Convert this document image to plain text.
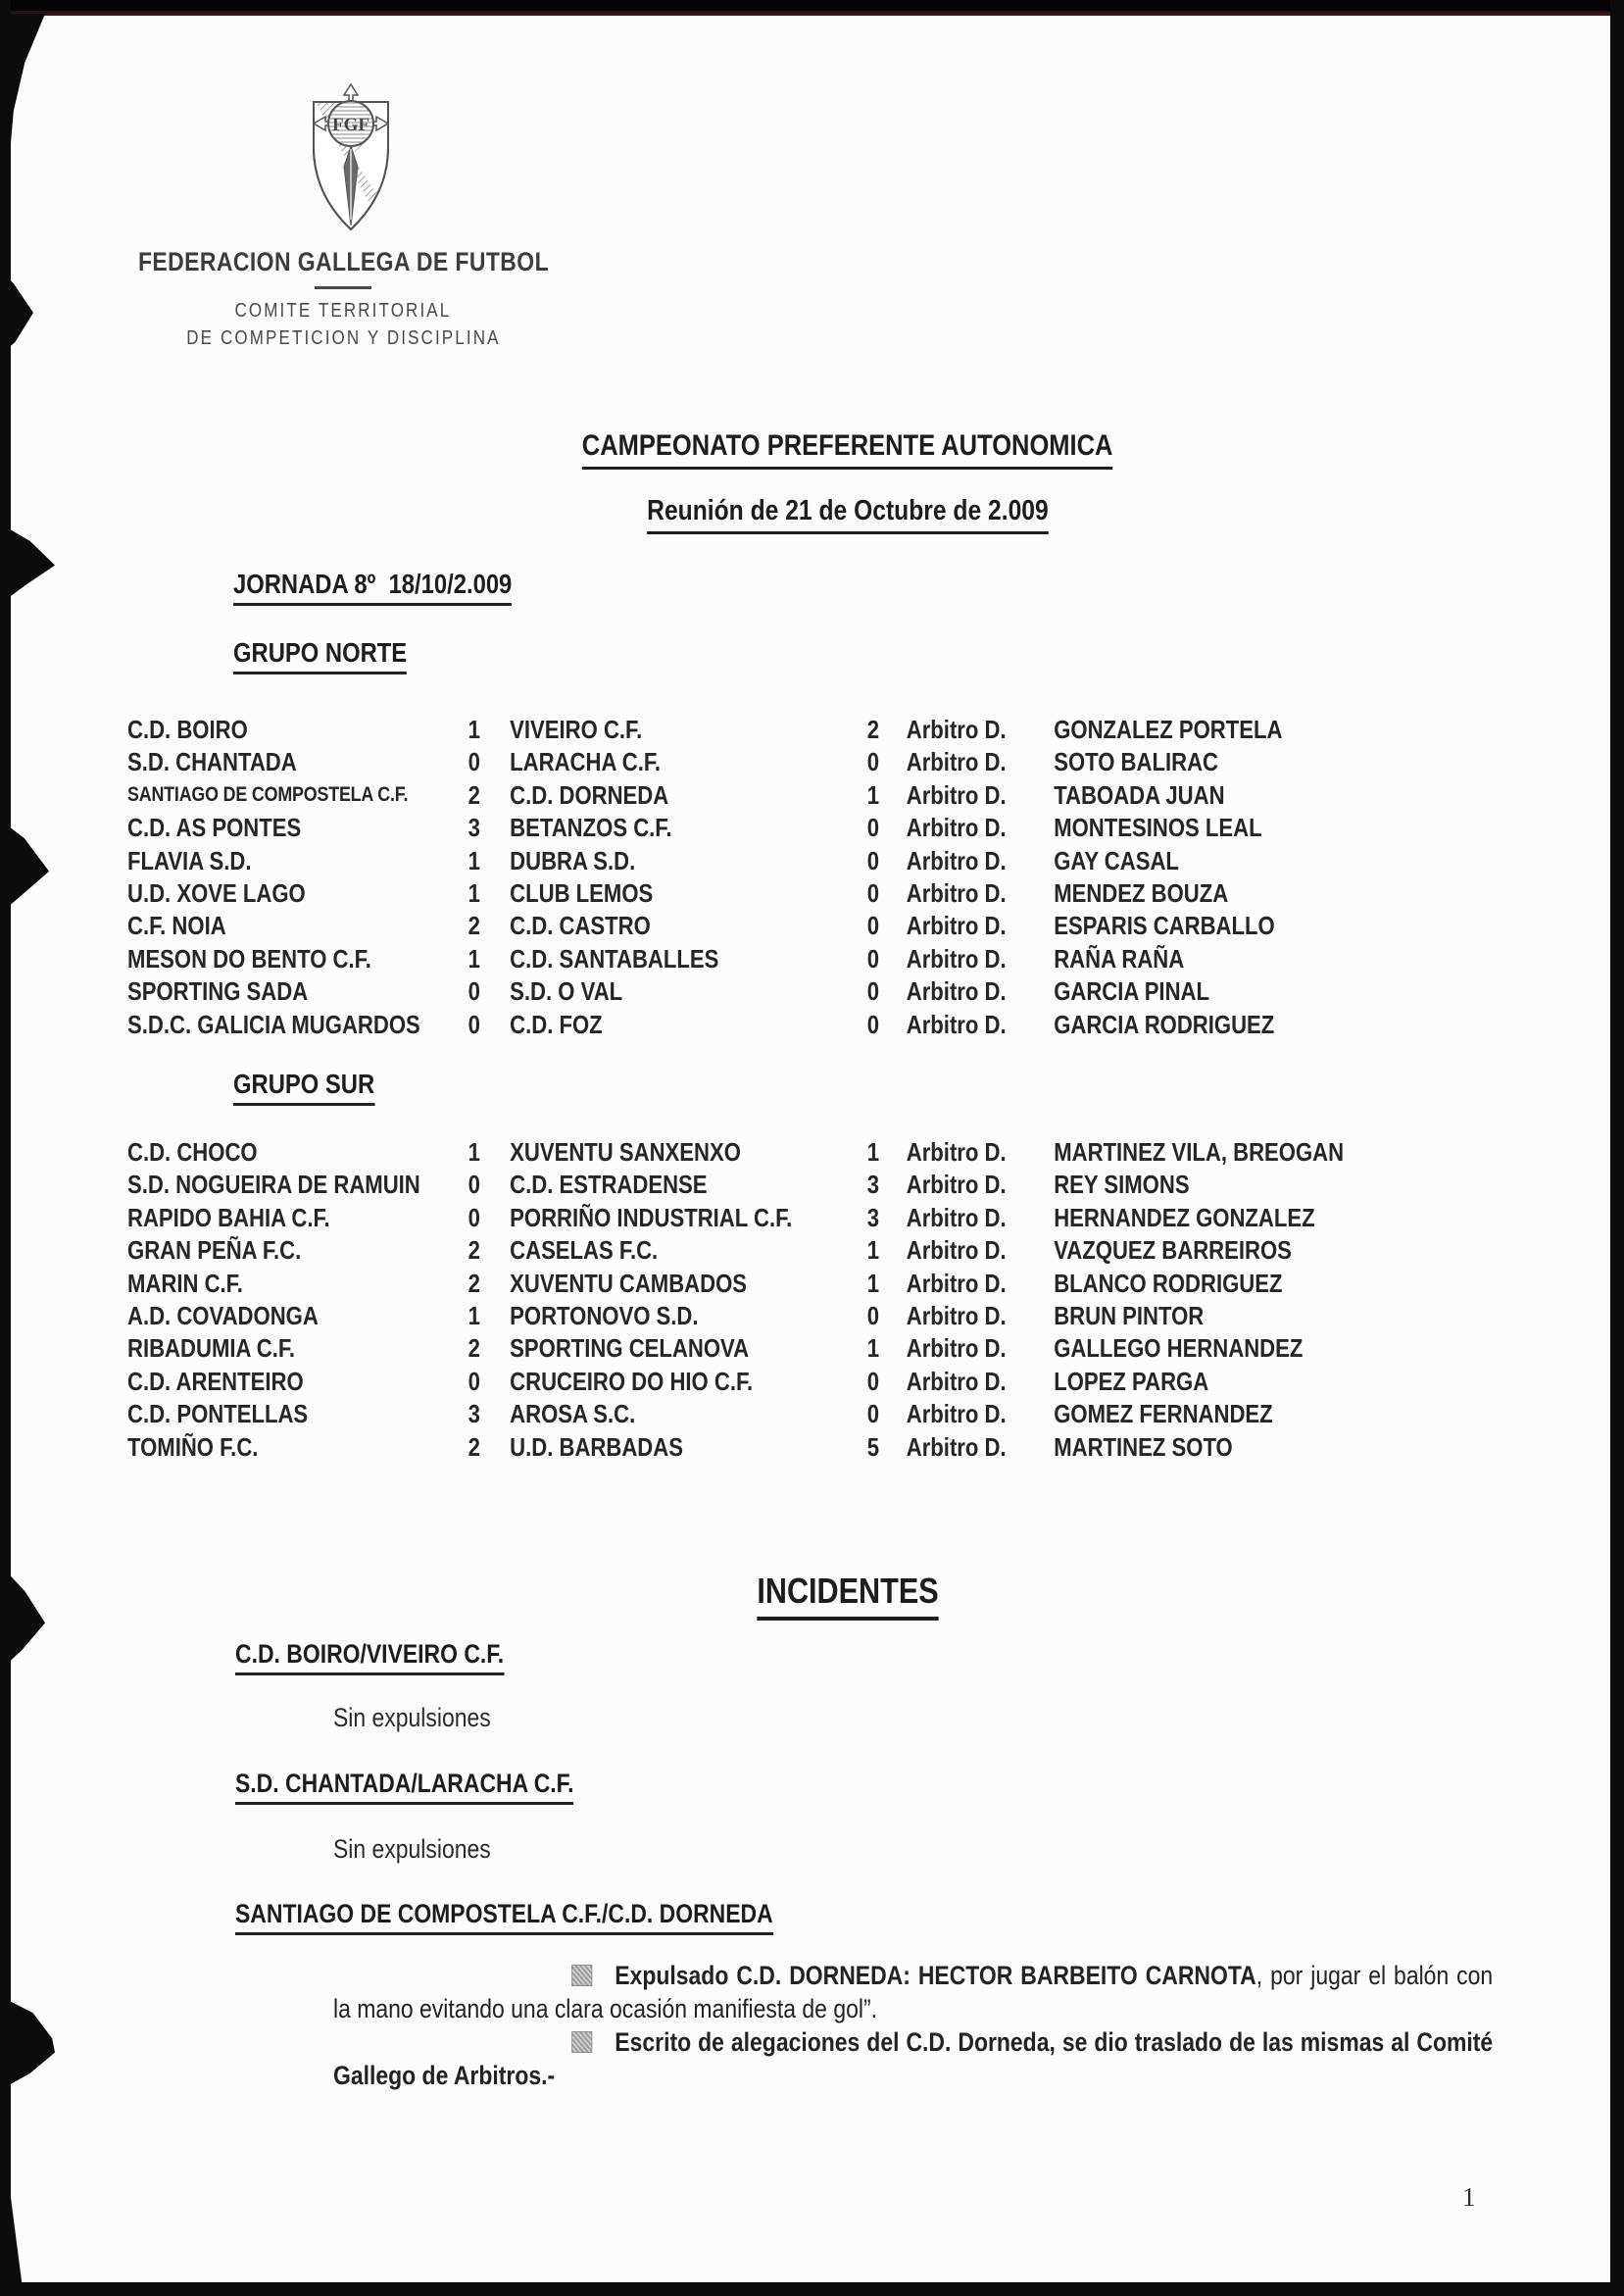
FGF
FEDERACION GALLEGA DE FUTBOL
COMITE TERRITORIAL
DE COMPETICION Y DISCIPLINA
CAMPEONATO PREFERENTE AUTONOMICA
Reunión de 21 de Octubre de 2.009
JORNADA 8º  18/10/2.009
GRUPO NORTE
C.D. BOIRO	1 VIVEIRO C.F.	2 Arbitro D. GONZALEZ PORTELA
S.D. CHANTADA	0 LARACHA C.F.	0 Arbitro D. SOTO BALIRAC
SANTIAGO DE COMPOSTELA C.F. 2 C.D. DORNEDA	1 Arbitro D. TABOADA JUAN
C.D. AS PONTES	3 BETANZOS C.F.	0 Arbitro D. MONTESINOS LEAL
FLAVIA S.D.	1 DUBRA S.D.	0 Arbitro D. GAY CASAL
U.D. XOVE LAGO	1 CLUB LEMOS	0 Arbitro D. MENDEZ BOUZA
C.F. NOIA	2 C.D. CASTRO	0 Arbitro D. ESPARIS CARBALLO
MESON DO BENTO C.F.	1 C.D. SANTABALLES	0 Arbitro D. RAÑA RAÑA
SPORTING SADA	0 S.D. O VAL	0 Arbitro D. GARCIA PINAL
S.D.C. GALICIA MUGARDOS 0 C.D. FOZ	0 Arbitro D. GARCIA RODRIGUEZ
GRUPO SUR
C.D. CHOCO	1 XUVENTU SANXENXO	1 Arbitro D. MARTINEZ VILA, BREOGAN
S.D. NOGUEIRA DE RAMUIN 0 C.D. ESTRADENSE	3 Arbitro D. REY SIMONS
RAPIDO BAHIA C.F.	0 PORRIÑO INDUSTRIAL C.F.	3 Arbitro D. HERNANDEZ GONZALEZ
GRAN PEÑA F.C.	2 CASELAS F.C.	1 Arbitro D. VAZQUEZ BARREIROS
MARIN C.F.	2 XUVENTU CAMBADOS	1 Arbitro D. BLANCO RODRIGUEZ
A.D. COVADONGA	1 PORTONOVO S.D.	0 Arbitro D. BRUN PINTOR
RIBADUMIA C.F.	2 SPORTING CELANOVA	1 Arbitro D. GALLEGO HERNANDEZ
C.D. ARENTEIRO	0 CRUCEIRO DO HIO C.F.	0 Arbitro D. LOPEZ PARGA
C.D. PONTELLAS	3 AROSA S.C.	0 Arbitro D. GOMEZ FERNANDEZ
TOMIÑO F.C.	2 U.D. BARBADAS	5 Arbitro D. MARTINEZ SOTO
INCIDENTES
C.D. BOIRO/VIVEIRO C.F.
Sin expulsiones
S.D. CHANTADA/LARACHA C.F.
Sin expulsiones
SANTIAGO DE COMPOSTELA C.F./C.D. DORNEDA

Expulsado C.D. DORNEDA: HECTOR BARBEITO CARNOTA, por jugar el balón con la mano evitando una clara ocasión manifiesta de gol”.

Escrito de alegaciones del C.D. Dorneda, se dio traslado de las mismas al Comité Gallego de Arbitros.-

1
